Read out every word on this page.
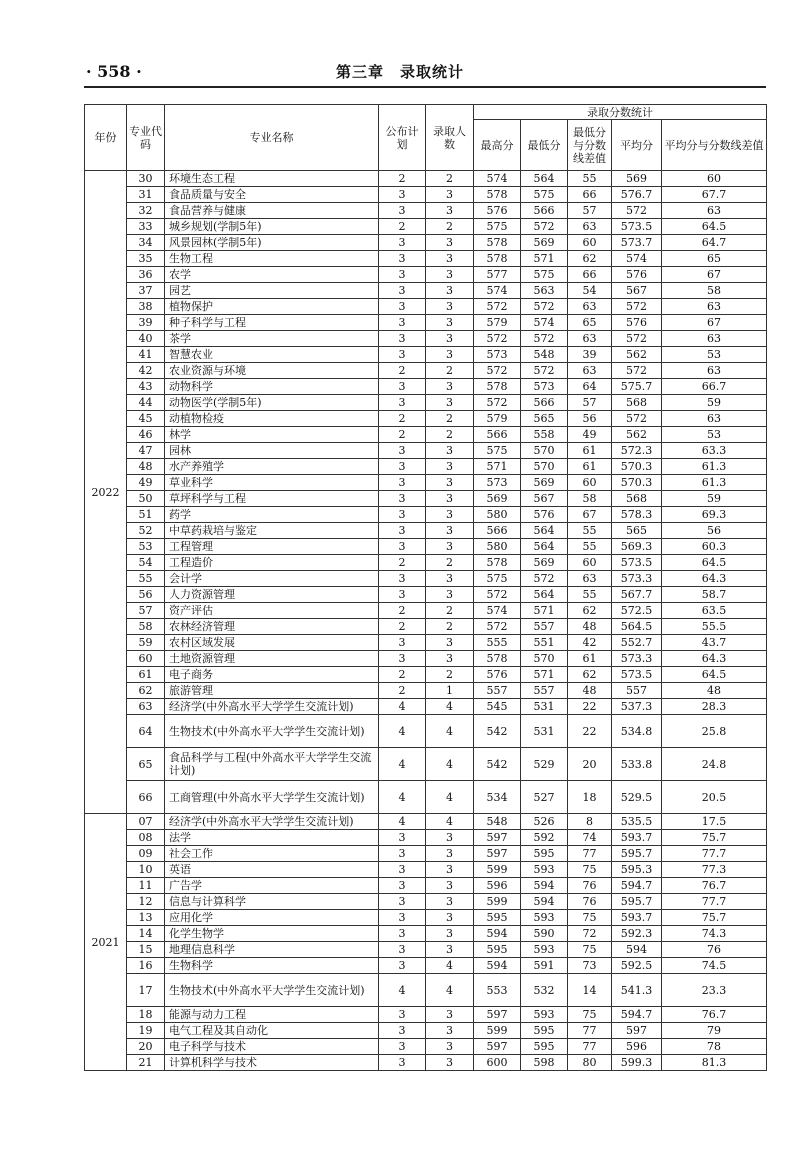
· 558 ·	第三章　录取统计
年份	专业代码	专业名称	公布计划	录取人数	录取分数统计				
					最高分	最低分	最低分与分数线差值	平均分	平均分与分数线差值
2022	30	环境生态工程	2	2	574	564	55	569	60
	31	食品质量与安全	3	3	578	575	66	576.7	67.7
	32	食品营养与健康	3	3	576	566	57	572	63
	33	城乡规划(学制5年)	2	2	575	572	63	573.5	64.5
	34	风景园林(学制5年)	3	3	578	569	60	573.7	64.7
	35	生物工程	3	3	578	571	62	574	65
	36	农学	3	3	577	575	66	576	67
	37	园艺	3	3	574	563	54	567	58
	38	植物保护	3	3	572	572	63	572	63
	39	种子科学与工程	3	3	579	574	65	576	67
	40	茶学	3	3	572	572	63	572	63
	41	智慧农业	3	3	573	548	39	562	53
	42	农业资源与环境	2	2	572	572	63	572	63
	43	动物科学	3	3	578	573	64	575.7	66.7
	44	动物医学(学制5年)	3	3	572	566	57	568	59
	45	动植物检疫	2	2	579	565	56	572	63
	46	林学	2	2	566	558	49	562	53
	47	园林	3	3	575	570	61	572.3	63.3
	48	水产养殖学	3	3	571	570	61	570.3	61.3
	49	草业科学	3	3	573	569	60	570.3	61.3
	50	草坪科学与工程	3	3	569	567	58	568	59
	51	药学	3	3	580	576	67	578.3	69.3
	52	中草药栽培与鉴定	3	3	566	564	55	565	56
	53	工程管理	3	3	580	564	55	569.3	60.3
	54	工程造价	2	2	578	569	60	573.5	64.5
	55	会计学	3	3	575	572	63	573.3	64.3
	56	人力资源管理	3	3	572	564	55	567.7	58.7
	57	资产评估	2	2	574	571	62	572.5	63.5
	58	农林经济管理	2	2	572	557	48	564.5	55.5
	59	农村区域发展	3	3	555	551	42	552.7	43.7
	60	土地资源管理	3	3	578	570	61	573.3	64.3
	61	电子商务	2	2	576	571	62	573.5	64.5
	62	旅游管理	2	1	557	557	48	557	48
	63	经济学(中外高水平大学学生交流计划)	4	4	545	531	22	537.3	28.3
	64	生物技术(中外高水平大学学生交流计划)	4	4	542	531	22	534.8	25.8
	65	食品科学与工程(中外高水平大学学生交流计划)	4	4	542	529	20	533.8	24.8
	66	工商管理(中外高水平大学学生交流计划)	4	4	534	527	18	529.5	20.5
2021	07	经济学(中外高水平大学学生交流计划)	4	4	548	526	8	535.5	17.5
	08	法学	3	3	597	592	74	593.7	75.7
	09	社会工作	3	3	597	595	77	595.7	77.7
	10	英语	3	3	599	593	75	595.3	77.3
	11	广告学	3	3	596	594	76	594.7	76.7
	12	信息与计算科学	3	3	599	594	76	595.7	77.7
	13	应用化学	3	3	595	593	75	593.7	75.7
	14	化学生物学	3	3	594	590	72	592.3	74.3
	15	地理信息科学	3	3	595	593	75	594	76
	16	生物科学	3	4	594	591	73	592.5	74.5
	17	生物技术(中外高水平大学学生交流计划)	4	4	553	532	14	541.3	23.3
	18	能源与动力工程	3	3	597	593	75	594.7	76.7
	19	电气工程及其自动化	3	3	599	595	77	597	79
	20	电子科学与技术	3	3	597	595	77	596	78
	21	计算机科学与技术	3	3	600	598	80	599.3	81.3
